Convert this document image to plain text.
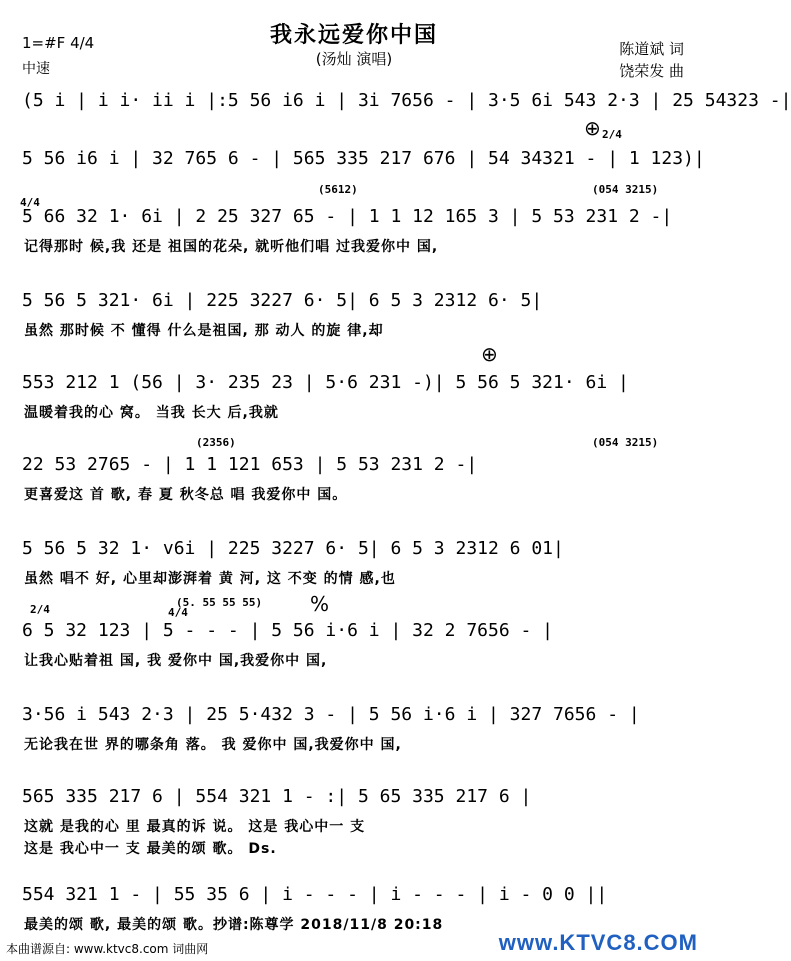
我永远爱你中国
(汤灿 演唱)
1=#F 4/4
中速
陈道斌 词
饶荣发 曲
(5612)	(054 3215)
(2356)	(054 3215)
(5. 55 55 55)
2/4
4/4
2/4	4/4	%
⊕
⊕
(5 i | i i· ii i |:5 56 i6 i | 3i 7656 - | 3·5 6i 543 2·3 | 25 54323 -|
5 56 i6 i | 32 765 6 - | 565 335 217 676 | 54 34321 - | 1 123)|
5 66 32 1· 6i | 2 25 327 65 - | 1 1 12 165 3 | 5 53 231 2 -|
记得那时 候,我 还是 祖国的花朵, 就听他们唱 过我爱你中 国,
5 56 5 321· 6i | 225 3227 6· 5| 6 5 3 2312 6· 5|
虽然 那时候 不 懂得 什么是祖国, 那 动人 的旋 律,却
553 212 1 (56 | 3· 235 23 | 5·6 231 -)| 5 56 5 321· 6i |
温暖着我的心 窝。 当我 长大 后,我就
22 53 2765 - | 1 1 121 653 | 5 53 231 2 -|
更喜爱这 首 歌, 春 夏 秋冬总 唱 我爱你中 国。
5 56 5 32 1· v6i | 225 3227 6· 5| 6 5 3 2312 6 01|
虽然 唱不 好, 心里却澎湃着 黄 河, 这 不变 的情 感,也
6 5 32 123 | 5 - - - | 5 56 i·6 i | 32 2 7656 - |
让我心贴着祖 国, 我 爱你中 国,我爱你中 国,
3·56 i 543 2·3 | 25 5·432 3 - | 5 56 i·6 i | 327 7656 - |
无论我在世 界的哪条角 落。 我 爱你中 国,我爱你中 国,
565 335 217 6 | 554 321 1 - :| 5 65 335 217 6 |
这就 是我的心 里 最真的诉 说。 这是 我心中一 支
这是 我心中一 支 最美的颂 歌。 Ds.
554 321 1 - | 55 35 6 | i - - - | i - - - | i - 0 0 ||
最美的颂 歌, 最美的颂 歌。抄谱:陈尊学 2018/11/8 20:18
本曲谱源自: www.ktvc8.com 词曲网	www.KTVC8.COM
